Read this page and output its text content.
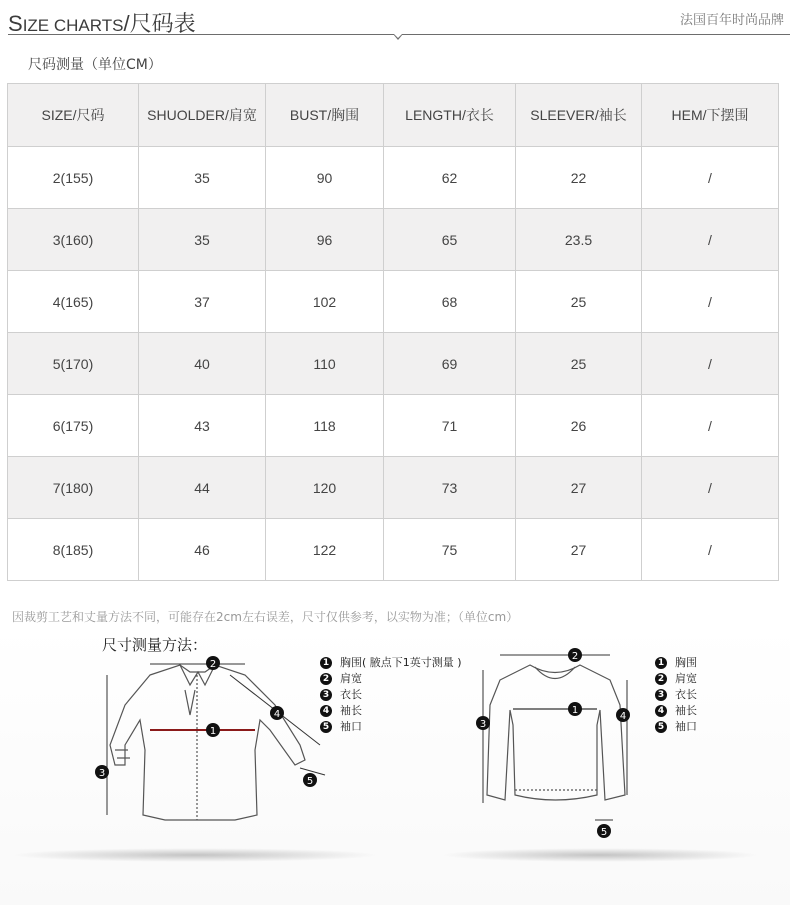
SIZE CHARTS/尺码表	法国百年时尚品牌
尺码测量（单位CM）
SIZE/尺码	SHUOLDER/肩宽	BUST/胸围	LENGTH/衣长	SLEEVER/袖长	HEM/下摆围
2(155)	35	90	62	22	/
3(160)	35	96	65	23.5	/
4(165)	37	102	68	25	/
5(170)	40	110	69	25	/
6(175)	43	118	71	26	/
7(180)	44	120	73	27	/
8(185)	46	122	75	27	/
因裁剪工艺和丈量方法不同，可能存在2cm左右误差，尺寸仅供参考，以实物为准；（单位cm）
尺寸测量方法：
1
2
3
4
5
1 胸围( 腋点下1英寸测量 )
2 肩宽
3 衣长
4 袖长
5 袖口
1
2
3
4
5
1 胸围
2 肩宽
3 衣长
4 袖长
5 袖口
